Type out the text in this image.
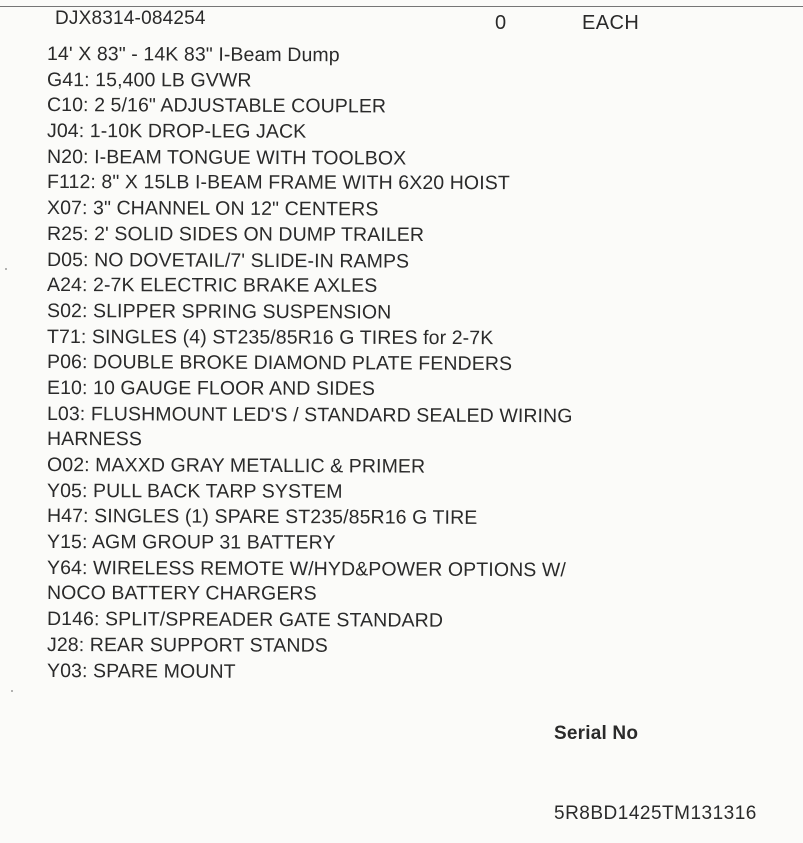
DJX8314-084254	0	EACH
14' X 83" - 14K 83" I-Beam Dump
G41: 15,400 LB GVWR
C10: 2 5/16" ADJUSTABLE COUPLER
J04: 1-10K DROP-LEG JACK
N20: I-BEAM TONGUE WITH TOOLBOX
F112: 8" X 15LB I-BEAM FRAME WITH 6X20 HOIST
X07: 3" CHANNEL ON 12" CENTERS
R25: 2' SOLID SIDES ON DUMP TRAILER
D05: NO DOVETAIL/7' SLIDE-IN RAMPS
A24: 2-7K ELECTRIC BRAKE AXLES
S02: SLIPPER SPRING SUSPENSION
T71: SINGLES (4) ST235/85R16 G TIRES for 2-7K
P06: DOUBLE BROKE DIAMOND PLATE FENDERS
E10: 10 GAUGE FLOOR AND SIDES
L03: FLUSHMOUNT LED'S / STANDARD SEALED WIRING
HARNESS
O02: MAXXD GRAY METALLIC & PRIMER
Y05: PULL BACK TARP SYSTEM
H47: SINGLES (1) SPARE ST235/85R16 G TIRE
Y15: AGM GROUP 31 BATTERY
Y64: WIRELESS REMOTE W/HYD&POWER OPTIONS W/
NOCO BATTERY CHARGERS
D146: SPLIT/SPREADER GATE STANDARD
J28: REAR SUPPORT STANDS
Y03: SPARE MOUNT
Serial No
5R8BD1425TM131316
